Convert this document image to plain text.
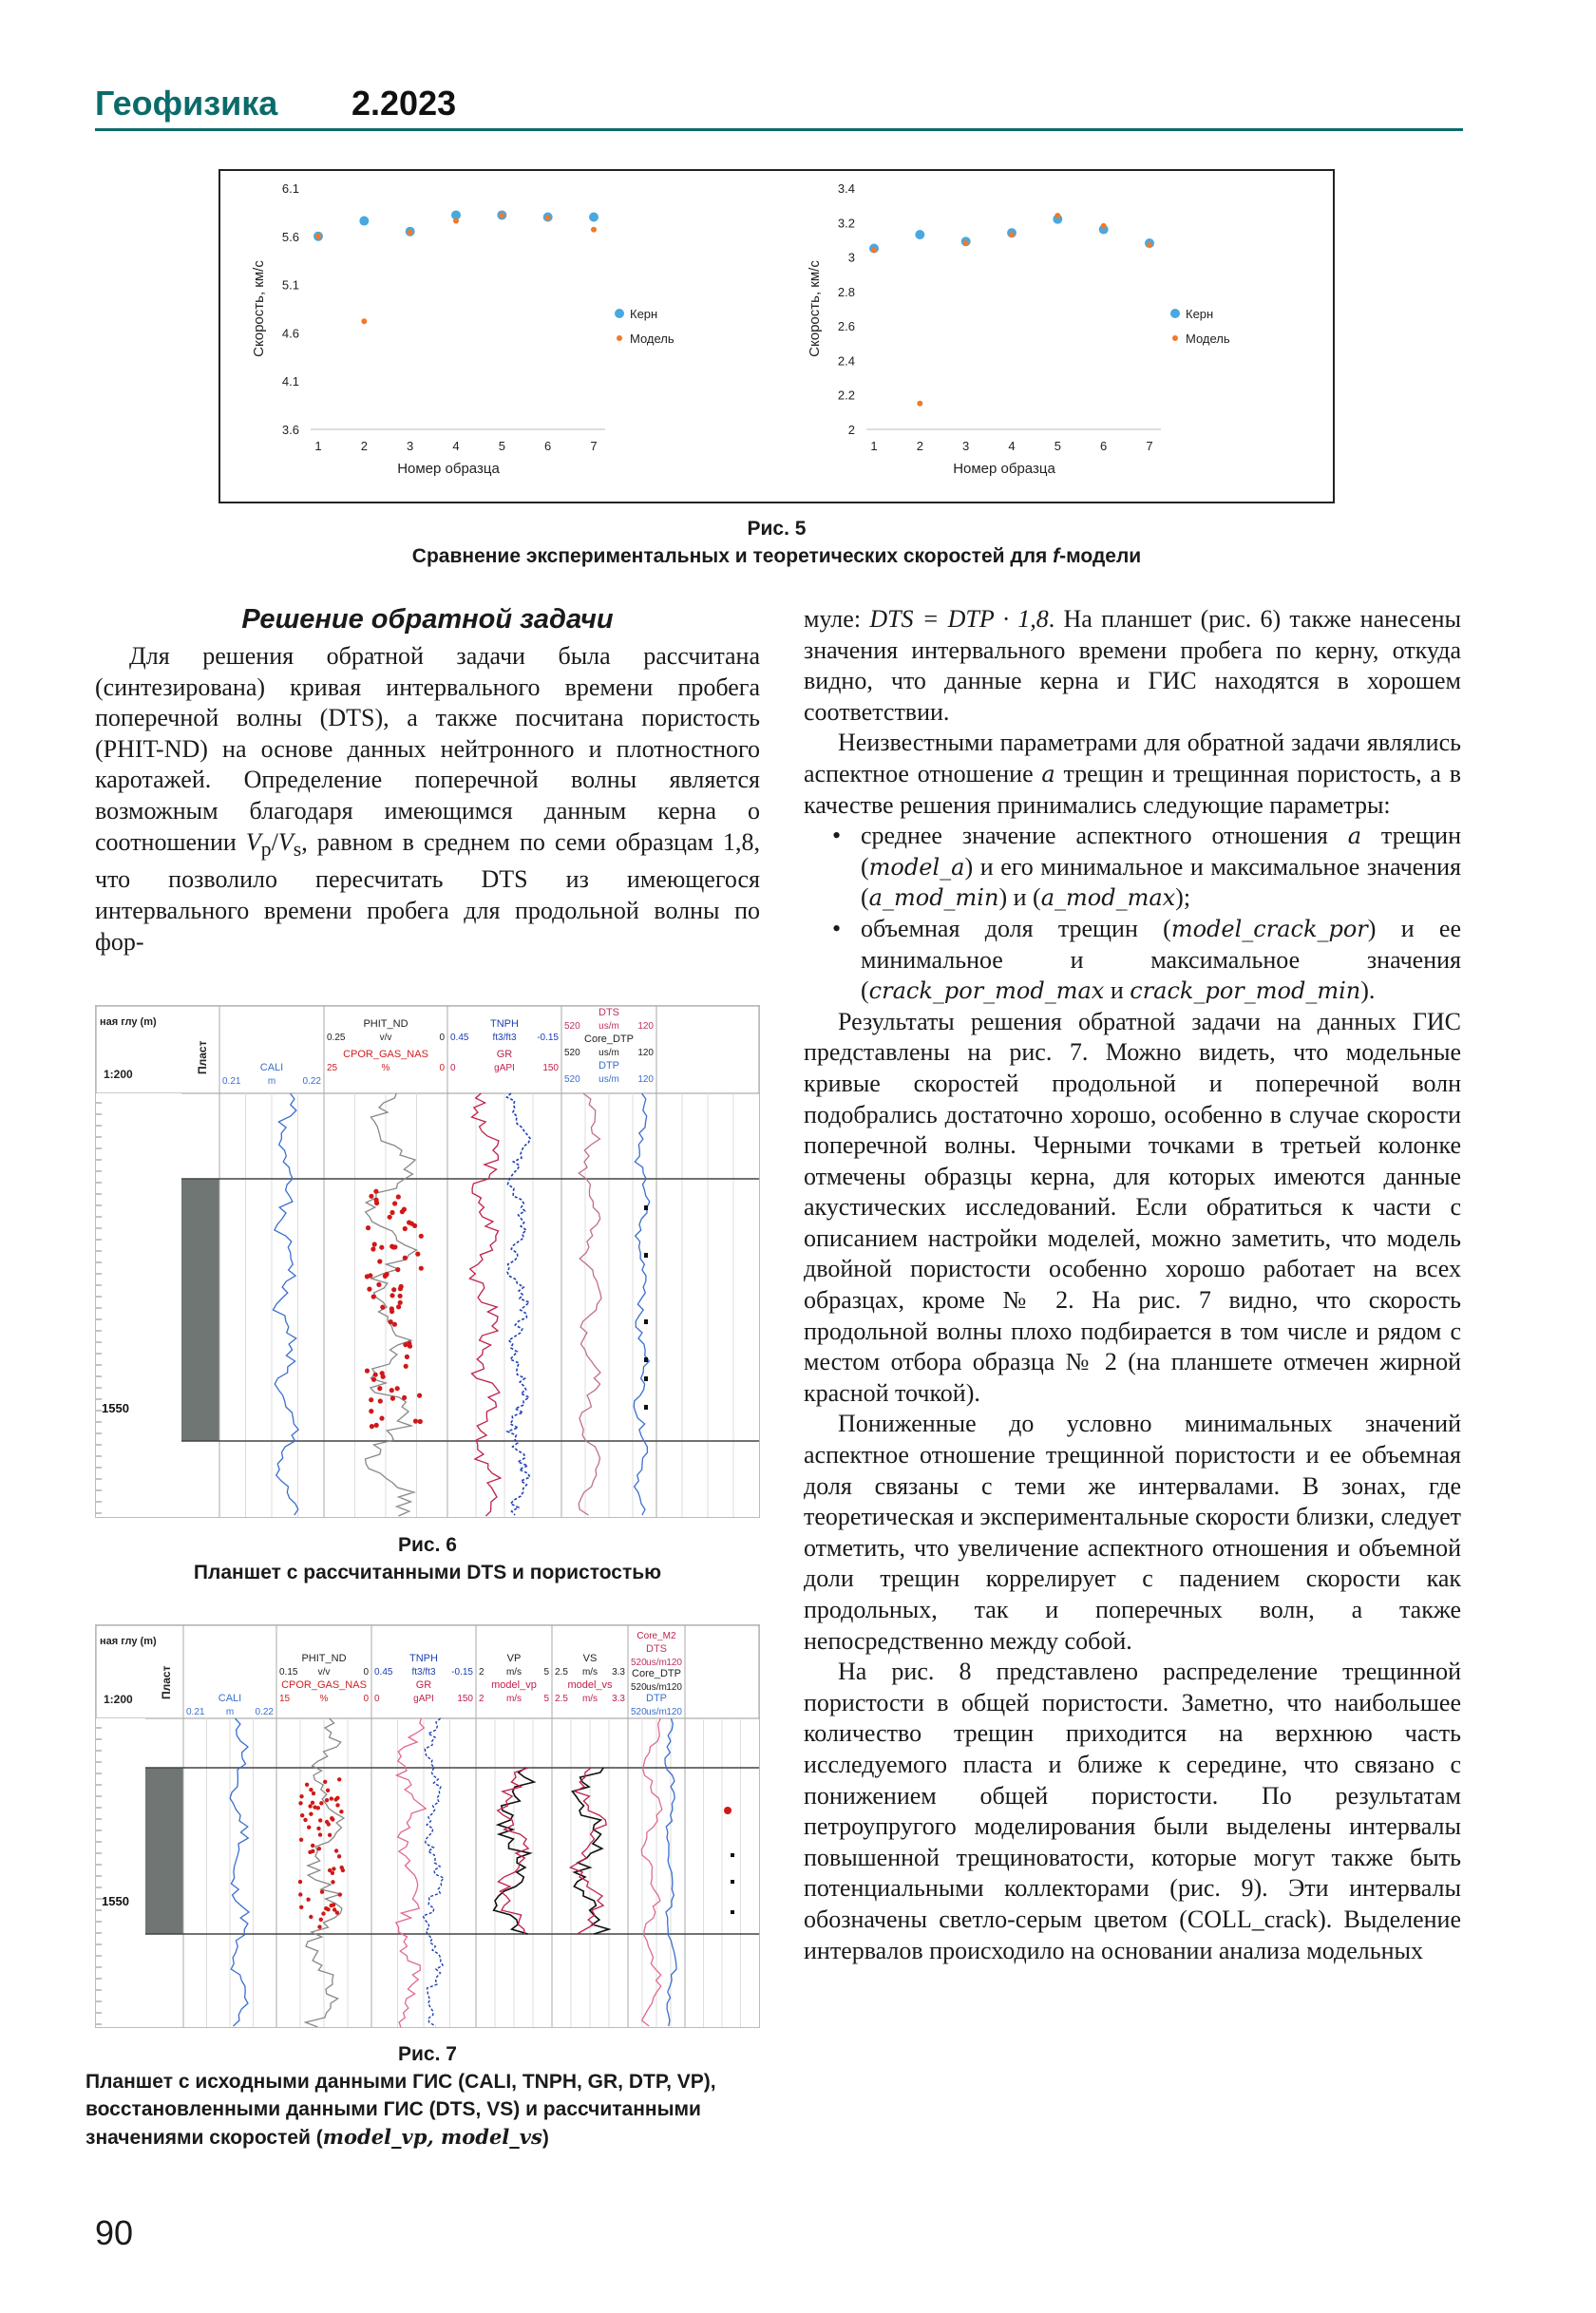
Геофизика 2.2023
6.1
5.6
5.1
4.6
4.1
3.6
1	2	3	4	5	6	7
Номер образца
Скорость, км/с	Керн
Модель
3.4
3.2
3
2.8
2.6
2.4
2.2
2
1	2	3	4	5	6	7
Номер образца
Скорость, км/с	Керн
Модель
Рис. 5
Сравнение экспериментальных и теоретических скоростей для f-модели
Решение обратной задачи

Для решения обратной задачи была рассчитана (синтезирована) кривая интервального времени пробега поперечной волны (DTS), а также посчитана пористость (PHIT-ND) на основе данных нейтронного и плотностного каротажей. Определение поперечной волны является возможным благодаря имеющимся данным керна о соотношении $V_p/V_s$, равном в среднем по семи образцам 1,8, что позволило пересчитать DTS из имеющегося интервального времени пробега для продольной волны по фор-

ная глу (m)
1:200	Пласт
1550
CALI
0.21	m	0.22
PHIT_ND
0.25	v/v	0
CPOR_GAS_NAS
25	%	0
TNPH
0.45	ft3/ft3 -0.15
GR
0	gAPI	150
DTS
520 us/m 120
Core_DTP
520 us/m 120
DTP
520 us/m 120
Рис. 6
Планшет с рассчитанными DTS и пористостью
ная глу (m)
1:200 Пласт
1550
CALI
0.21 m 0.22
PHIT_ND
0.15 v/v	0
CPOR_GAS_NAS
15	%	0
TNPH
0.45 ft3/ft3 -0.15
GR
0	gAPI 150
VP
2 m/s 5
model_vp
2 m/s 5
VS
2.5 m/s 3.3
model_vs
2.5 m/s 3.3
Core_M2
DTS
520 us/m 120
Core_DTP
520 us/m 120
DTP
520 us/m 120
Рис. 7
Планшет с исходными данными ГИС (CALI, TNPH, GR, DTP, VP),
восстановленными данными ГИС (DTS, VS) и рассчитанными
значениями скоростей (model_vp, model_vs)

муле: DTS = DTP · 1,8. На планшет (рис. 6) также нанесены значения интервального времени пробега по керну, откуда видно, что данные керна и ГИС находятся в хорошем соответствии.

Неизвестными параметрами для обратной задачи являлись аспектное отношение a трещин и трещинная пористость, а в качестве решения принимались следующие параметры:

• среднее значение аспектного отношения a трещин (model_a) и его минимальное и максимальное значения (a_mod_min) и (a_mod_max);
• объемная доля трещин (model_crack_por) и ее минимальное и максимальное значения (crack_por_mod_max и crack_por_mod_min).

Результаты решения обратной задачи на данных ГИС представлены на рис. 7. Можно видеть, что модельные кривые скоростей продольной и поперечной волн подобрались достаточно хорошо, особенно в случае скорости поперечной волны. Черными точками в третьей колонке отмечены образцы керна, для которых имеются данные акустических исследований. Если обратиться к части с описанием настройки моделей, можно заметить, что модель двойной пористости особенно хорошо работает на всех образцах, кроме № 2. На рис. 7 видно, что скорость продольной волны плохо подбирается в том числе и рядом с местом отбора образца № 2 (на планшете отмечен жирной красной точкой).

Пониженные до условно минимальных значений аспектное отношение трещинной пористости и ее объемная доля связаны с теми же интервалами. В зонах, где теоретическая и экспериментальные скорости близки, следует отметить, что увеличение аспектного отношения и объемной доли трещин коррелирует с падением скорости как продольных, так и поперечных волн, а также непосредственно между собой.

На рис. 8 представлено распределение трещинной пористости в общей пористости. Заметно, что наибольшее количество трещин приходится на верхнюю часть исследуемого пласта и ближе к середине, что связано с понижением общей пористости. По результатам петроупругого моделирования были выделены интервалы повышенной трещиноватости, которые могут также быть потенциальными коллекторами (рис. 9). Эти интервалы обозначены светло-серым цветом (COLL_crack). Выделение интервалов происходило на основании анализа модельных

90
